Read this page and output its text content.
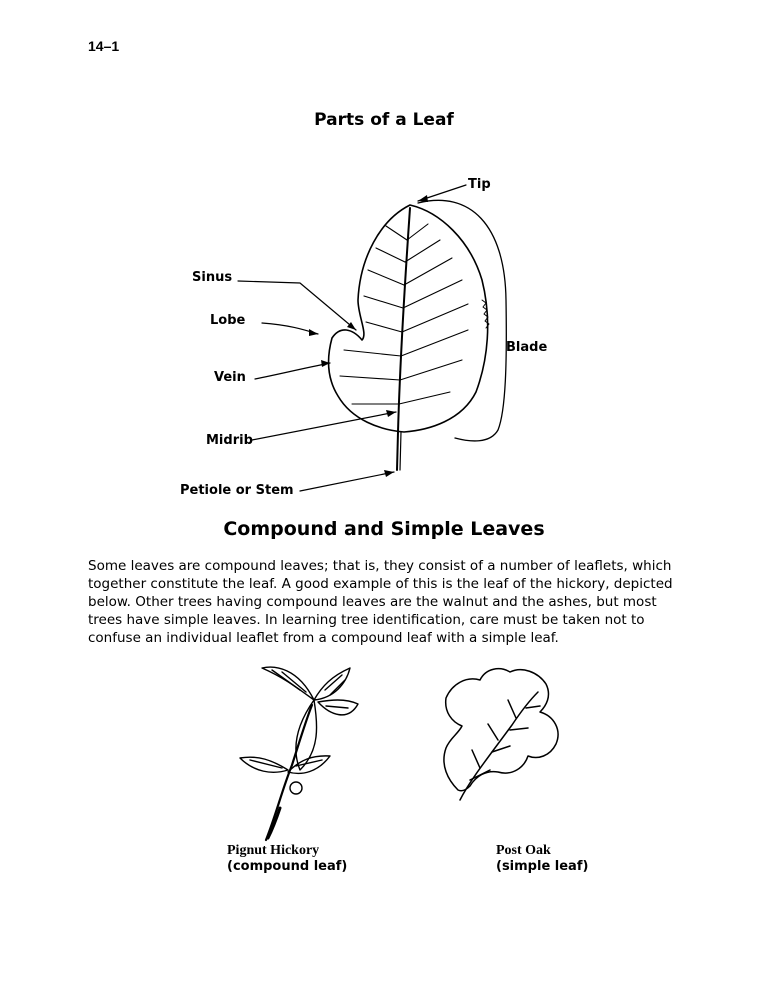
14–1
Parts of a Leaf
Tip
Sinus
Lobe
Blade
Vein
Midrib
Petiole or Stem
Compound and Simple Leaves
Some leaves are compound leaves; that is, they consist of a number of leaflets, which together constitute the leaf. A good example of this is the leaf of the hickory, depicted below. Other trees having compound leaves are the walnut and the ashes, but most trees have simple leaves. In learning tree identification, care must be taken not to confuse an individual leaflet from a compound leaf with a simple leaf.
Pignut Hickory
(compound leaf)
Post Oak
(simple leaf)
